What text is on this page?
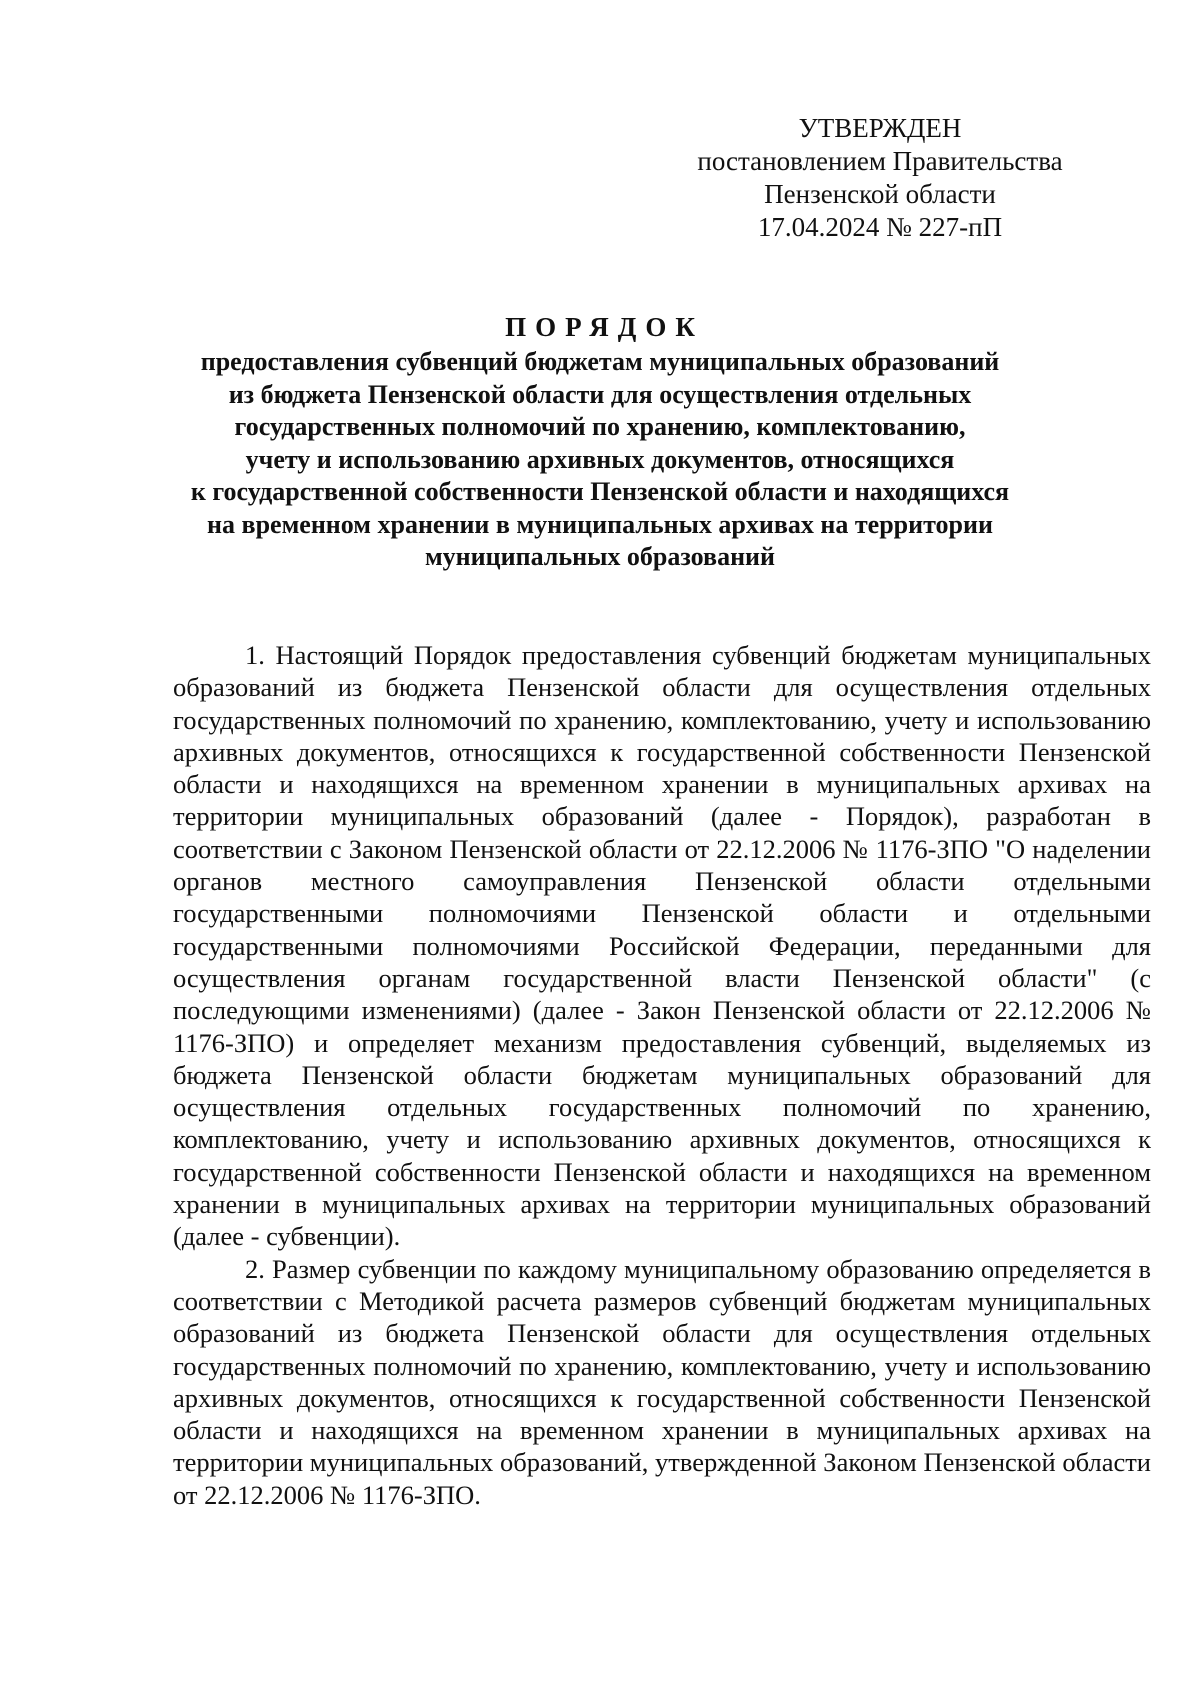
УТВЕРЖДЕН
постановлением Правительства
Пензенской области
17.04.2024 № 227-пП
ПОРЯДОК
предоставления субвенций бюджетам муниципальных образований
из бюджета Пензенской области для осуществления отдельных
государственных полномочий по хранению, комплектованию,
учету и использованию архивных документов, относящихся
к государственной собственности Пензенской области и находящихся
на временном хранении в муниципальных архивах на территории
муниципальных образований

1. Настоящий Порядок предоставления субвенций бюджетам муниципальных образований из бюджета Пензенской области для осуществления отдельных государственных полномочий по хранению, комплектованию, учету и использованию архивных документов, относящихся к государственной собственности Пензенской области и находящихся на временном хранении в муниципальных архивах на территории муниципальных образований (далее - Порядок), разработан в соответствии с Законом Пензенской области от 22.12.2006 № 1176-ЗПО "О наделении органов местного самоуправления Пензенской области отдельными государственными полномочиями Пензенской области и отдельными государственными полномочиями Российской Федерации, переданными для осуществления органам государственной власти Пензенской области" (с последующими изменениями) (далее - Закон Пензенской области от 22.12.2006 № 1176-ЗПО) и определяет механизм предоставления субвенций, выделяемых из бюджета Пензенской области бюджетам муниципальных образований для осуществления отдельных государственных полномочий по хранению, комплектованию, учету и использованию архивных документов, относящихся к государственной собственности Пензенской области и находящихся на временном хранении в муниципальных архивах на территории муниципальных образований (далее - субвенции).

2. Размер субвенции по каждому муниципальному образованию определяется в соответствии с Методикой расчета размеров субвенций бюджетам муниципальных образований из бюджета Пензенской области для осуществления отдельных государственных полномочий по хранению, комплектованию, учету и использованию архивных документов, относящихся к государственной собственности Пензенской области и находящихся на временном хранении в муниципальных архивах на территории муниципальных образований, утвержденной Законом Пензенской области от 22.12.2006 № 1176-ЗПО.
